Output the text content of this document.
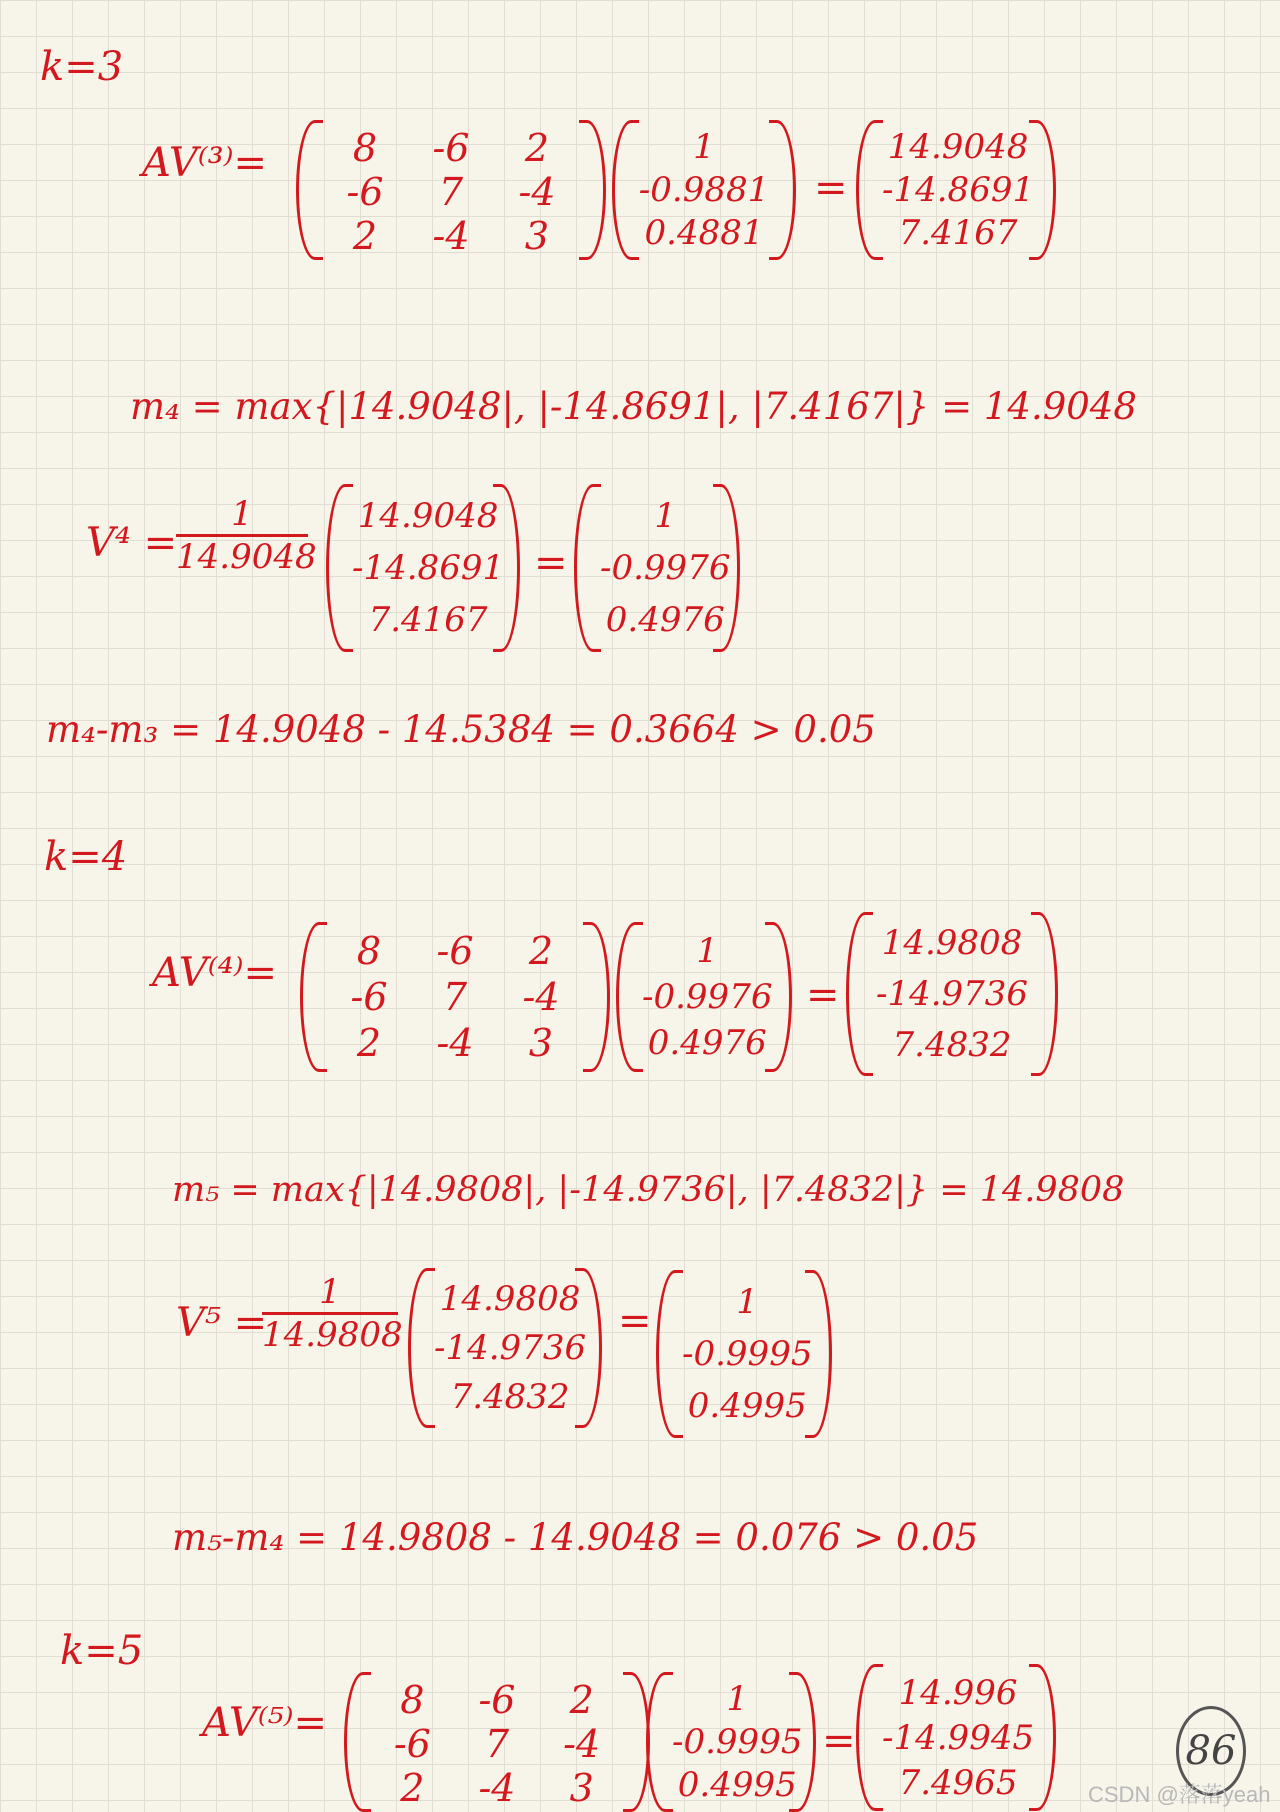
k=3
AV⁽³⁾= 8 -6 2
-6 7 -4
2 -4 3
1
-0.9881
0.4881
=
14.9048
-14.8691
7.4167
m₄ = max{|14.9048|, |-14.8691|, |7.4167|} = 14.9048
V⁴ =
$\frac{1}{14.9048} 14.9048$
-14.8691
7.4167
=
1
-0.9976
0.4976
m₄-m₃ = 14.9048 - 14.5384 = 0.3664 > 0.05
k=4
AV⁽⁴⁾= 8 -6 2
-6 7 -4
2 -4 3
1
-0.9976
0.4976
=
14.9808
-14.9736
7.4832
m₅ = max{|14.9808|, |-14.9736|, |7.4832|} = 14.9808
V⁵ =
$\frac{1}{14.9808} 14.9808$
-14.9736
7.4832
= 1
-0.9995
0.4995
m₅-m₄ = 14.9808 - 14.9048 = 0.076 > 0.05
k=5
AV⁽⁵⁾= 8 -6 2
-6 7 -4
2 -4 3
1
-0.9995
0.4995
=
14.996
-14.9945
7.4965
86
CSDN @落落yeah
